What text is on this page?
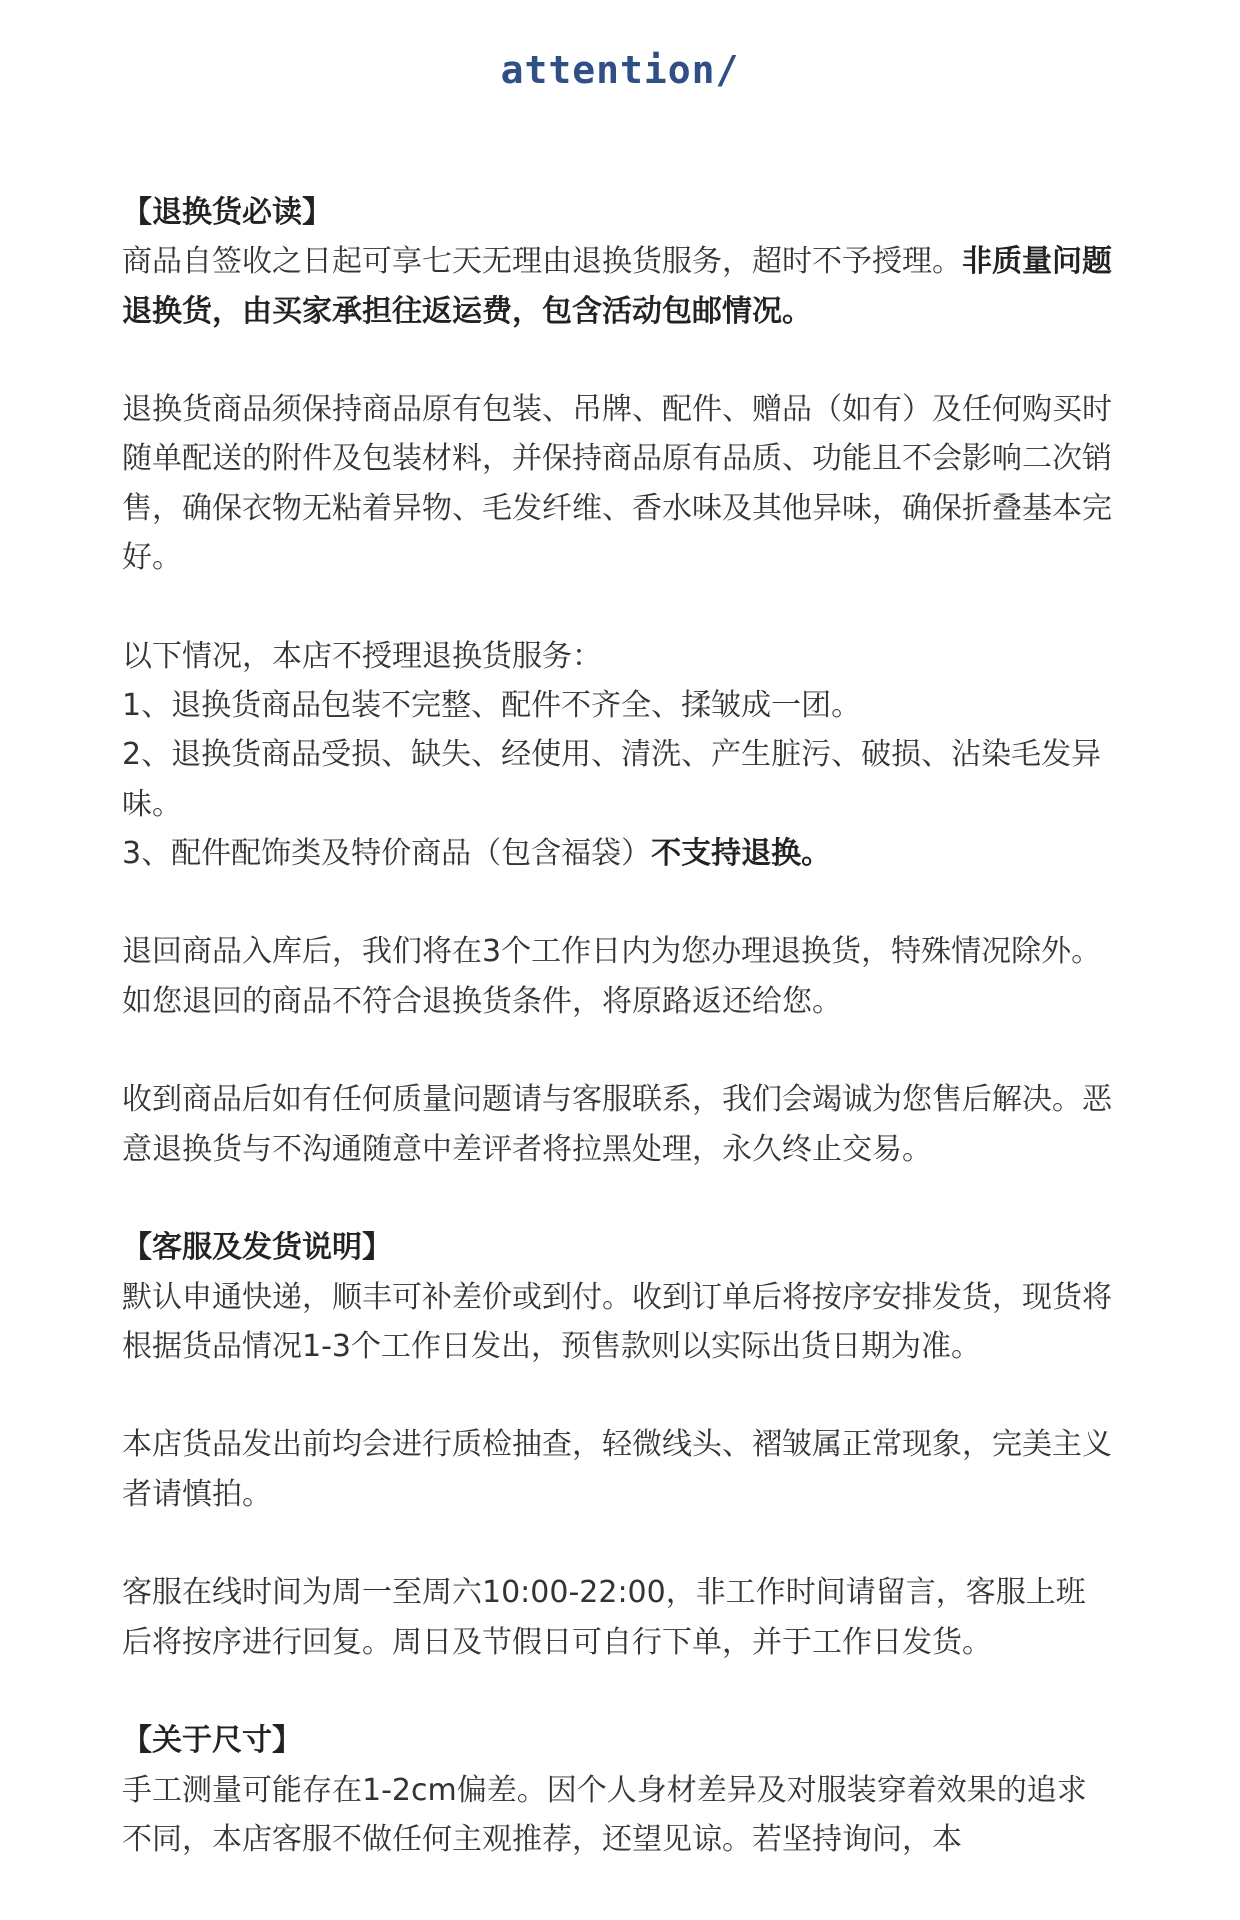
attention/

【退换货必读】

商品自签收之日起可享七天无理由退换货服务，超时不予授理。非质量问题退换货，由买家承担往返运费，包含活动包邮情况。

退换货商品须保持商品原有包装、吊牌、配件、赠品（如有）及任何购买时随单配送的附件及包装材料，并保持商品原有品质、功能且不会影响二次销售，确保衣物无粘着异物、毛发纤维、香水味及其他异味，确保折叠基本完好。

以下情况，本店不授理退换货服务：

1、退换货商品包装不完整、配件不齐全、揉皱成一团。

2、退换货商品受损、缺失、经使用、清洗、产生脏污、破损、沾染毛发异味。

3、配件配饰类及特价商品（包含福袋）不支持退换。

退回商品入库后，我们将在3个工作日内为您办理退换货，特殊情况除外。如您退回的商品不符合退换货条件，将原路返还给您。

收到商品后如有任何质量问题请与客服联系，我们会竭诚为您售后解决。恶意退换货与不沟通随意中差评者将拉黑处理，永久终止交易。

【客服及发货说明】

默认申通快递，顺丰可补差价或到付。收到订单后将按序安排发货，现货将根据货品情况1-3个工作日发出，预售款则以实际出货日期为准。

本店货品发出前均会进行质检抽查，轻微线头、褶皱属正常现象，完美主义者请慎拍。

客服在线时间为周一至周六10:00-22:00，非工作时间请留言，客服上班后将按序进行回复。周日及节假日可自行下单，并于工作日发货。

【关于尺寸】

手工测量可能存在1-2cm偏差。因个人身材差异及对服装穿着效果的追求不同，本店客服不做任何主观推荐，还望见谅。若坚持询问，本
